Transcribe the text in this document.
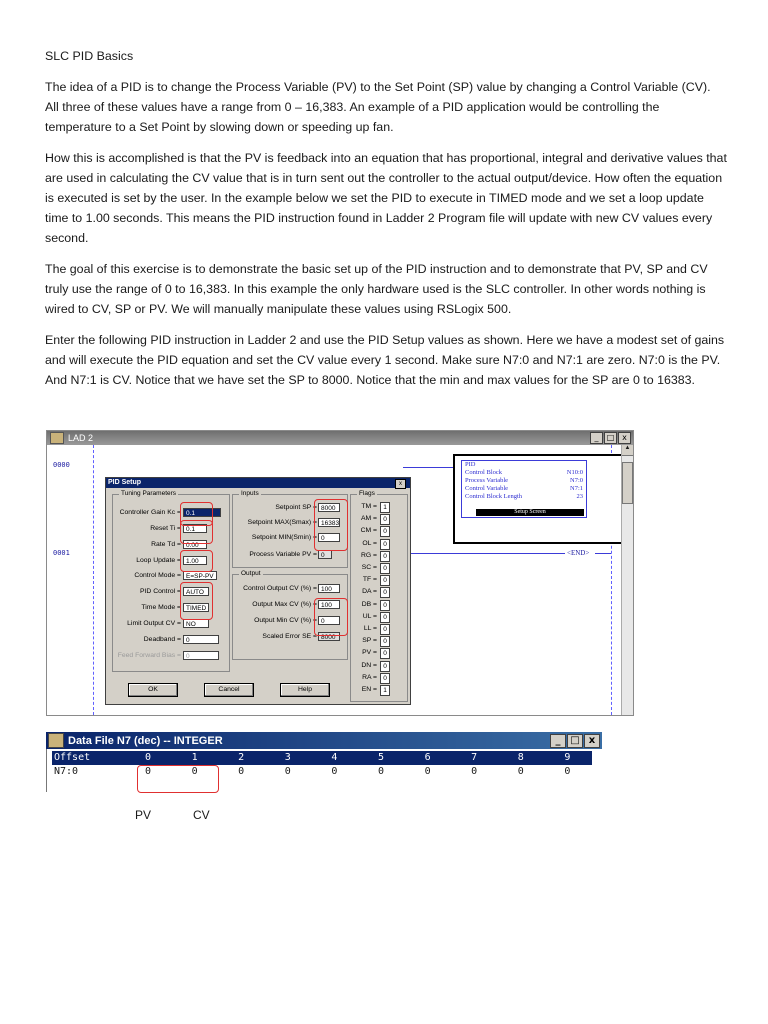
SLC PID Basics

The idea of a PID is to change the Process Variable (PV) to the Set Point (SP) value by changing a Control Variable (CV). All three of these values have a range from 0 – 16,383. An example of a PID application would be controlling the temperature to a Set Point by slowing down or speeding up fan.

How this is accomplished is that the PV is feedback into an equation that has proportional, integral and derivative values that are used in calculating the CV value that is in turn sent out the controller to the actual output/device. How often the equation is executed is set by the user. In the example below we set the PID to execute in TIMED mode and we set a loop update time to 1.00 seconds. This means the PID instruction found in Ladder 2 Program file will update with new CV values every second.

The goal of this exercise is to demonstrate the basic set up of the PID instruction and to demonstrate that PV, SP and CV truly use the range of 0 to 16,383. In this example the only hardware used is the SLC controller. In other words nothing is wired to CV, SP or PV. We will manually manipulate these values using RSLogix 500.

Enter the following PID instruction in Ladder 2 and use the PID Setup values as shown. Here we have a modest set of gains and will execute the PID equation and set the CV value every 1 second. Make sure N7:0 and N7:1 are zero. N7:0 is the PV. And N7:1 is CV. Notice that we have set the SP to 8000. Notice that the min and max values for the SP are 0 to 16383.

LAD 2	_	□ x
0000
0001
PID
Control Block	N10:0
Process Variable	N7:0
Control Variable	N7:1
Control Block Length	23
Setup Screen
<END>
▲
PID Setup	x
Tuning Parameters
Controller Gain Kc = 0.1
Reset Ti = 0.1
Rate Td = 0.00
Loop Update = 1.00
Control Mode = E=SP-PV
PID Control = AUTO
Time Mode = TIMED
Limit Output CV = NO
Deadband = 0
Feed Forward Bias = 0
Inputs
Setpoint SP = 8000
Setpoint MAX(Smax) = 16383
Setpoint MIN(Smin) = 0
Process Variable PV = 0
Output
Control Output CV (%) = 100
Output Max CV (%) = 100
Output Min CV (%) = 0
Scaled Error SE = 8000
Flags
TM = 1
AM = 0
CM = 0
OL = 0
RG = 0
SC = 0
TF = 0
DA = 0
DB = 0
UL = 0
LL = 0
SP = 0
PV = 0
DN = 0
RA = 0
EN = 1
OK	Cancel	Help
Data File N7 (dec) -- INTEGER	_ □ x
Offset	0	1	2	3	4	5	6	7	8	9
N7:0	0	0	0	0	0	0	0	0	0	0
PV	CV
